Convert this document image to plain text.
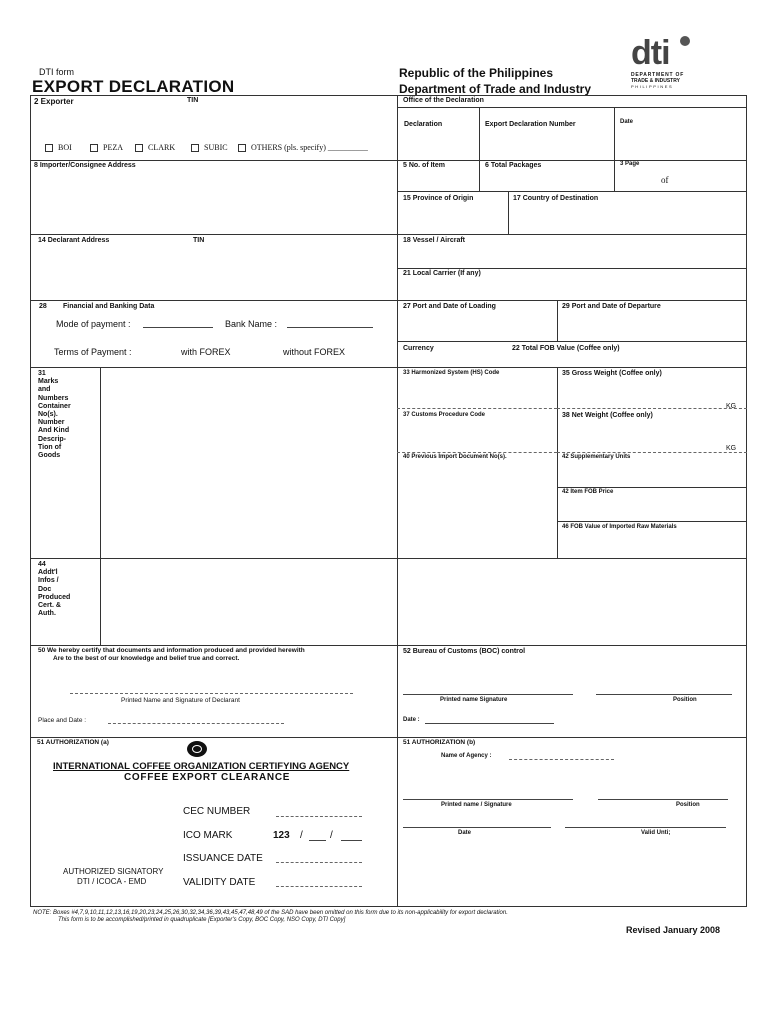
DTI form
EXPORT DECLARATION
Republic of the Philippines
Department of Trade and Industry
dti
DEPARTMENT OF
TRADE & INDUSTRY
PHILIPPINES
2 Exporter	TIN	Office of the Declaration
Declaration	Export Declaration Number	Date
BOI	PEZA	CLARK	SUBIC	OTHERS (pls. specify) __________
8 Importer/Consignee Address	5 No. of Item	6 Total Packages	3 Page
of
15 Province of Origin	17 Country of Destination
14 Declarant Address	TIN	18 Vessel / Aircraft
21 Local Carrier (If any)
28 Financial and Banking Data
Mode of payment :	Bank Name :
Terms of Payment :	with FOREX	without FOREX
27 Port and Date of Loading	29 Port and Date of Departure
Currency	22 Total FOB Value (Coffee only)
31
Marks
and
Numbers
Container
No(s).
Number
And Kind
Descrip-
Tion of
Goods
33 Harmonized System (HS) Code	35 Gross Weight (Coffee only)
KG
37 Customs Procedure Code	38 Net Weight (Coffee only)
KG
40 Previous Import Document No(s).	42 Supplementary Units
42 Item FOB Price
46 FOB Value of Imported Raw Materials
44
Addt'l
Infos /
Doc
Produced
Cert. &
Auth.
50 We hereby certify that documents and information produced and provided herewith
Are to the best of our knowledge and belief true and correct.
Printed Name and Signature of Declarant
Place and Date :
52 Bureau of Customs (BOC) control
Printed name Signature	Position
Date :
51 AUTHORIZATION (a)
INTERNATIONAL COFFEE ORGANIZATION CERTIFYING AGENCY
COFFEE EXPORT CLEARANCE
CEC NUMBER
ICO MARK	123 /	/
ISSUANCE DATE
AUTHORIZED SIGNATORY
DTI / ICOCA - EMD	VALIDITY DATE
51 AUTHORIZATION (b)
Name of Agency :
Printed name / Signature	Position
Date	Valid Unti;
NOTE: Boxes #4,7,9,10,11,12,13,16,19,20,23,24,25,26,30,32,34,36,39,43,45,47,48,49 of the SAD have been omitted on this form due to its non-applicability for export declaration.
This form is to be accomplished/printed in quadruplicate [Exporter's Copy, BOC Copy, NSO Copy, DTI Copy]
Revised January 2008
